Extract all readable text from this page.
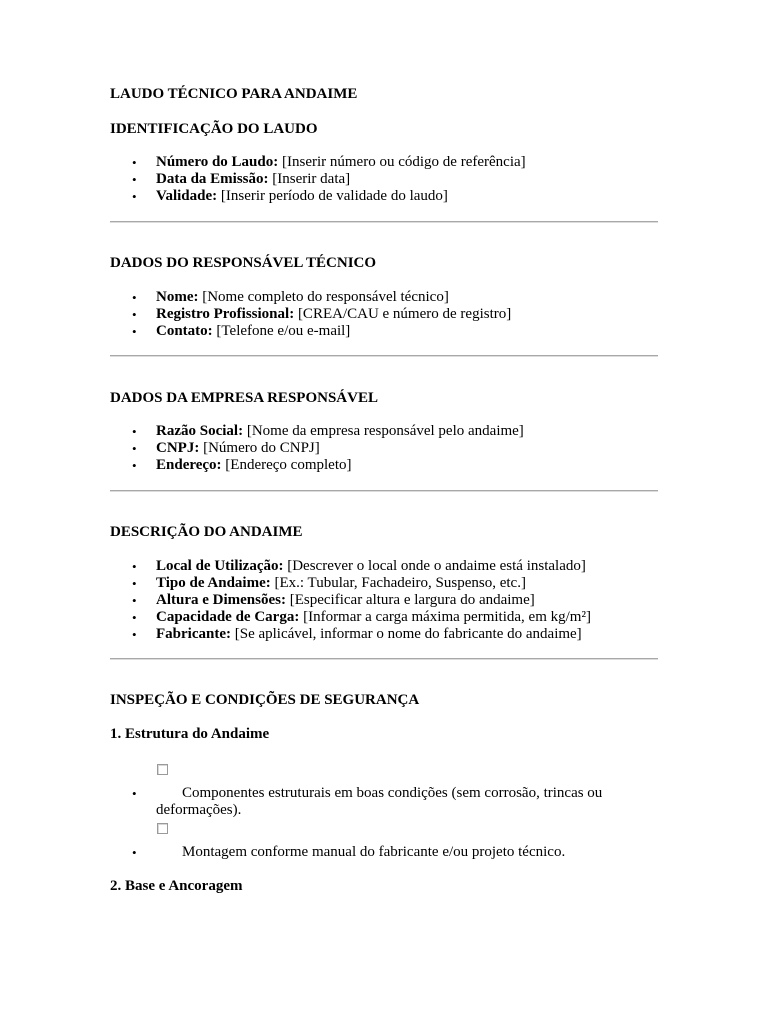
LAUDO TÉCNICO PARA ANDAIME
IDENTIFICAÇÃO DO LAUDO
• Número do Laudo: [Inserir número ou código de referência]
• Data da Emissão: [Inserir data]
• Validade: [Inserir período de validade do laudo]
DADOS DO RESPONSÁVEL TÉCNICO
• Nome: [Nome completo do responsável técnico]
• Registro Profissional: [CREA/CAU e número de registro]
• Contato: [Telefone e/ou e-mail]
DADOS DA EMPRESA RESPONSÁVEL
• Razão Social: [Nome da empresa responsável pelo andaime]
• CNPJ: [Número do CNPJ]
• Endereço: [Endereço completo]
DESCRIÇÃO DO ANDAIME
• Local de Utilização: [Descrever o local onde o andaime está instalado]
• Tipo de Andaime: [Ex.: Tubular, Fachadeiro, Suspenso, etc.]
• Altura e Dimensões: [Especificar altura e largura do andaime]
• Capacidade de Carga: [Informar a carga máxima permitida, em kg/m²]
• Fabricante: [Se aplicável, informar o nome do fabricante do andaime]
INSPEÇÃO E CONDIÇÕES DE SEGURANÇA
1. Estrutura do Andaime
•	Componentes estruturais em boas condições (sem corrosão, trincas ou deformações).
•	Montagem conforme manual do fabricante e/ou projeto técnico.
2. Base e Ancoragem
